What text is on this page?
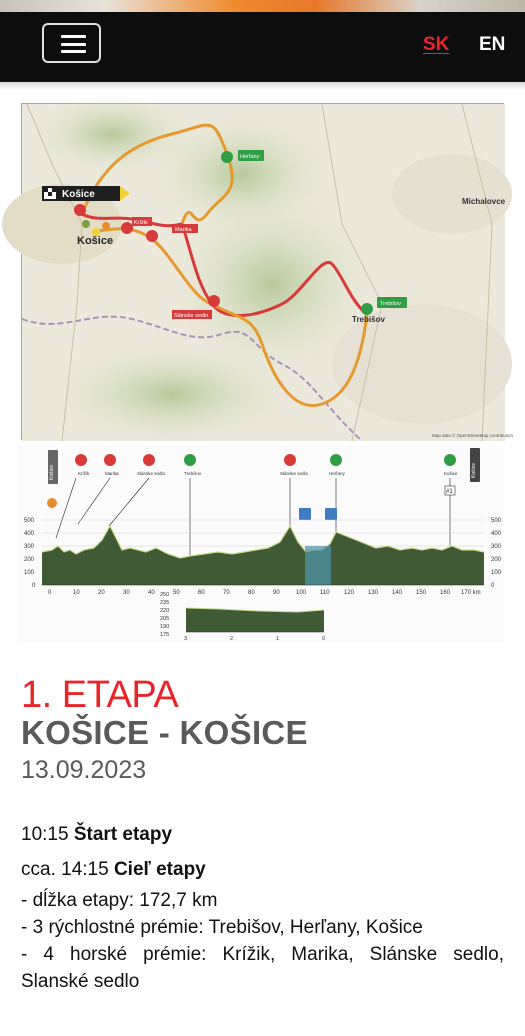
SK EN
Košice
Košice
Herľany
Trebišov
Krížik
Marika
Slánske sedlo
Michalovce
Trebišov
Map data © OpenStreetMap contributors
Košice	Košice
Krížik	Marika	Slánske sedlo	Trebišov	Slánske sedlo	Herľany	Košice
#1
500
400
300
200
100
0
500
400
300
200
100
0
0	10	20	30	40	50	60	70	80	90	100 110 120 130 140 150 160 170 km
250
235
220
205
190
175
3	2	1	0
1. ETAPA
KOŠICE - KOŠICE
13.09.2023
10:15 Štart etapy
cca. 14:15 Cieľ etapy
- dĺžka etapy: 172,7 km
- 3 rýchlostné prémie: Trebišov, Herľany, Košice
- 4 horské prémie: Krížik, Marika, Slánske sedlo,
Slanské sedlo
